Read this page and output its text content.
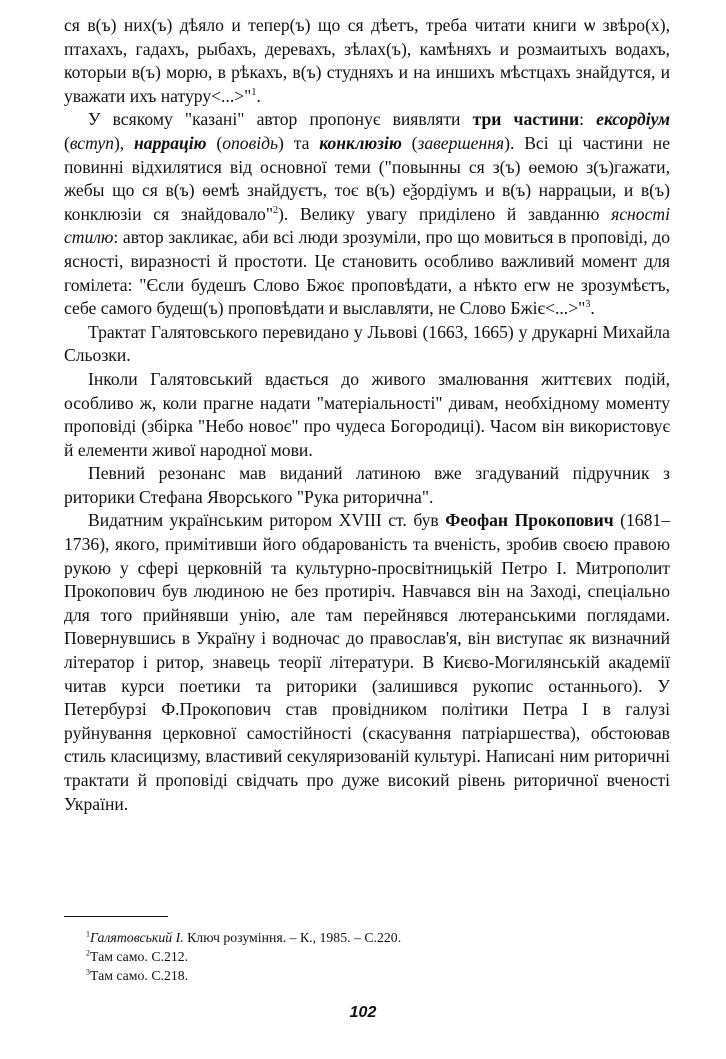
ся в(ъ) них(ъ) дѣяло и тепер(ъ) що ся дѣетъ, треба читати книги ѡ звѣро(х), птахахъ, гадахъ, рыбахъ, деревахъ, зѣлах(ъ), камѣняхъ и розмаитыхъ водахъ, которыи в(ъ) морю, в рѣкахъ, в(ъ) студняхъ и на иншихъ мѣстцахъ знайдутся, и уважати ихъ натуру<...>"$^1$.

У всякому "казані" автор пропонує виявляти три частини: ексордіум (вступ), наррацію (оповідь) та конклюзію (завершення). Всі ці частини не повинні відхилятися від основної теми ("повынны ся з(ъ) ѳемою з(ъ)гажати, жебы що ся в(ъ) ѳемѣ знайдуєтъ, тоє в(ъ) eѯордіумъ и в(ъ) наррацыи, и в(ъ) конклюзіи ся знайдовало"$^2$). Велику увагу приділено й завданню ясності стилю: автор закликає, аби всі люди зрозуміли, про що мовиться в проповіді, до ясності, виразності й простоти. Це становить особливо важливий момент для гомілета: "Єсли будешъ Слово Бжоє проповѣдати, а нѣкто егѡ не зрозумѣєтъ, себе самого будеш(ъ) проповѣдати и выславляти, не Слово Бжіє<...>"$^3$.

Трактат Галятовського перевидано у Львові (1663, 1665) у друкарні Михайла Сльозки.

Інколи Галятовський вдається до живого змалювання життєвих подій, особливо ж, коли прагне надати "матеріальності" дивам, необхідному моменту проповіді (збірка "Небо новоє" про чудеса Богородиці). Часом він використовує й елементи живої народної мови.

Певний резонанс мав виданий латиною вже згадуваний підручник з риторики Стефана Яворського "Рука риторична".

Видатним українським ритором XVIII ст. був Феофан Прокопович (1681–1736), якого, примітивши його обдарованість та вченість, зробив своєю правою рукою у сфері церковній та культурно-просвітницькій Петро І. Митрополит Прокопович був людиною не без протиріч. Навчався він на Заході, спеціально для того прийнявши унію, але там перейнявся лютеранськими поглядами. Повернувшись в Україну і водночас до православ'я, він виступає як визначний літератор і ритор, знавець теорії літератури. В Києво-Могилянській академії читав курси поетики та риторики (залишився рукопис останнього). У Петербурзі Ф.Прокопович став провідником політики Петра І в галузі руйнування церковної самостійності (скасування патріаршества), обстоював стиль класицизму, властивий секуляризованій культурі. Написані ним риторичні трактати й проповіді свідчать про дуже високий рівень риторичної вченості України.

$^1$Галятовський І. Ключ розуміння. – К., 1985. – С.220.
$^2$Там само. С.212.
$^3$Там само. С.218.
102
